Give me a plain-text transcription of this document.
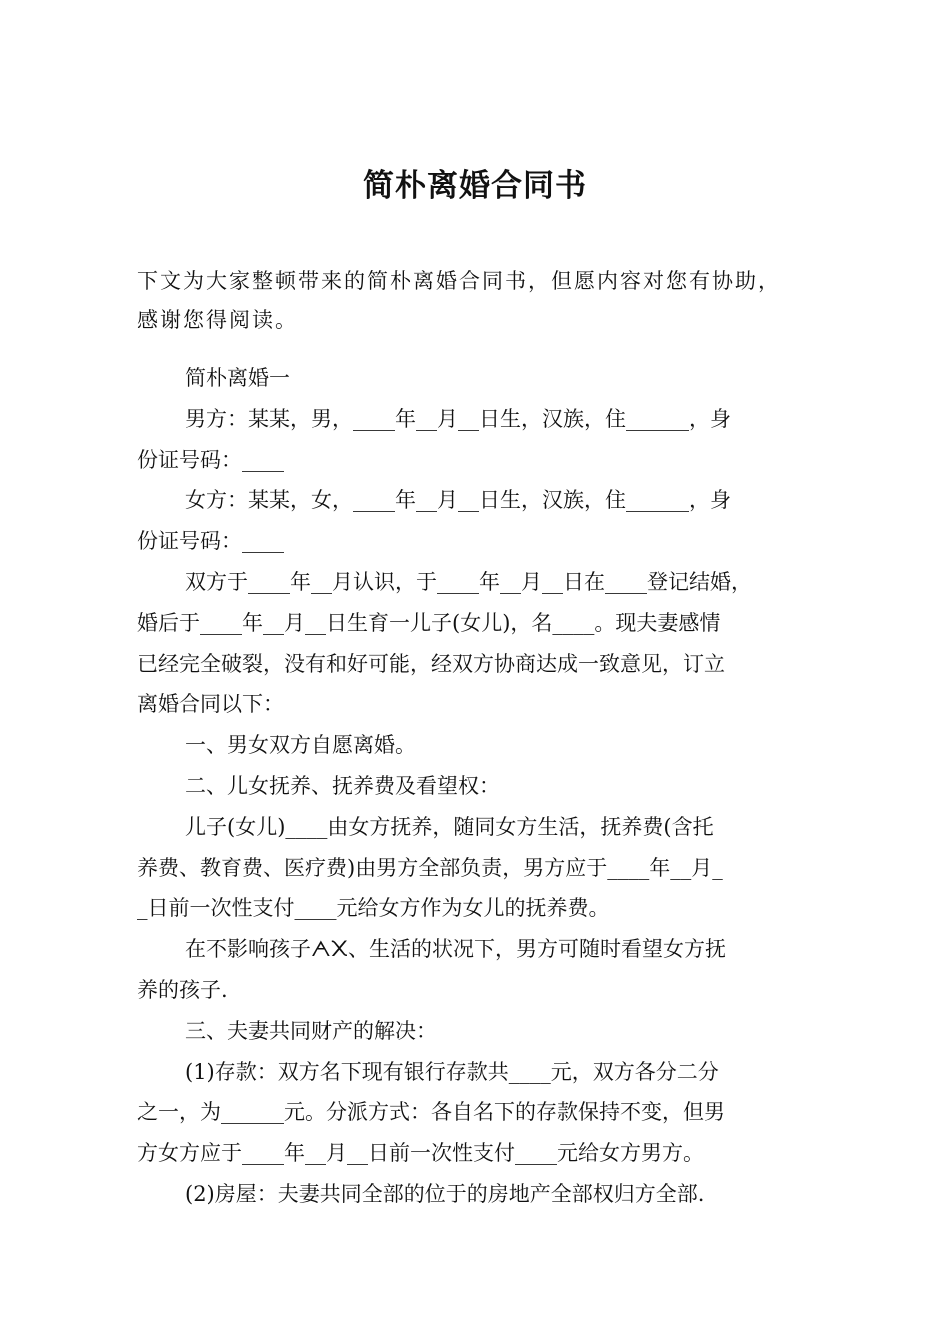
简朴离婚合同书

下文为大家整顿带来的简朴离婚合同书，但愿内容对您有协助，

感谢您得阅读。

简朴离婚一

男方：某某，男，____年__月__日生，汉族，住______，身

份证号码：____

女方：某某，女，____年__月__日生，汉族，住______，身

份证号码：____

双方于____年__月认识，于____年__月__日在____登记结婚，

婚后于____年__月__日生育一儿子(女儿)，名____。现夫妻感情

已经完全破裂，没有和好可能，经双方协商达成一致意见，订立

离婚合同以下：

一、男女双方自愿离婚。

二、儿女抚养、抚养费及看望权：

儿子(女儿)____由女方抚养，随同女方生活，抚养费(含托

养费、教育费、医疗费)由男方全部负责，男方应于____年__月_

_日前一次性支付____元给女方作为女儿的抚养费。

在不影响孩子ᗅ᙭、生活的状况下，男方可随时看望女方抚

养的孩子.

三、夫妻共同财产的解决：

(1)存款：双方名下现有银行存款共____元，双方各分二分

之一，为______元。分派方式：各自名下的存款保持不变，但男

方女方应于____年__月__日前一次性支付____元给女方男方。

(2)房屋：夫妻共同全部的位于的房地产全部权归方全部.
